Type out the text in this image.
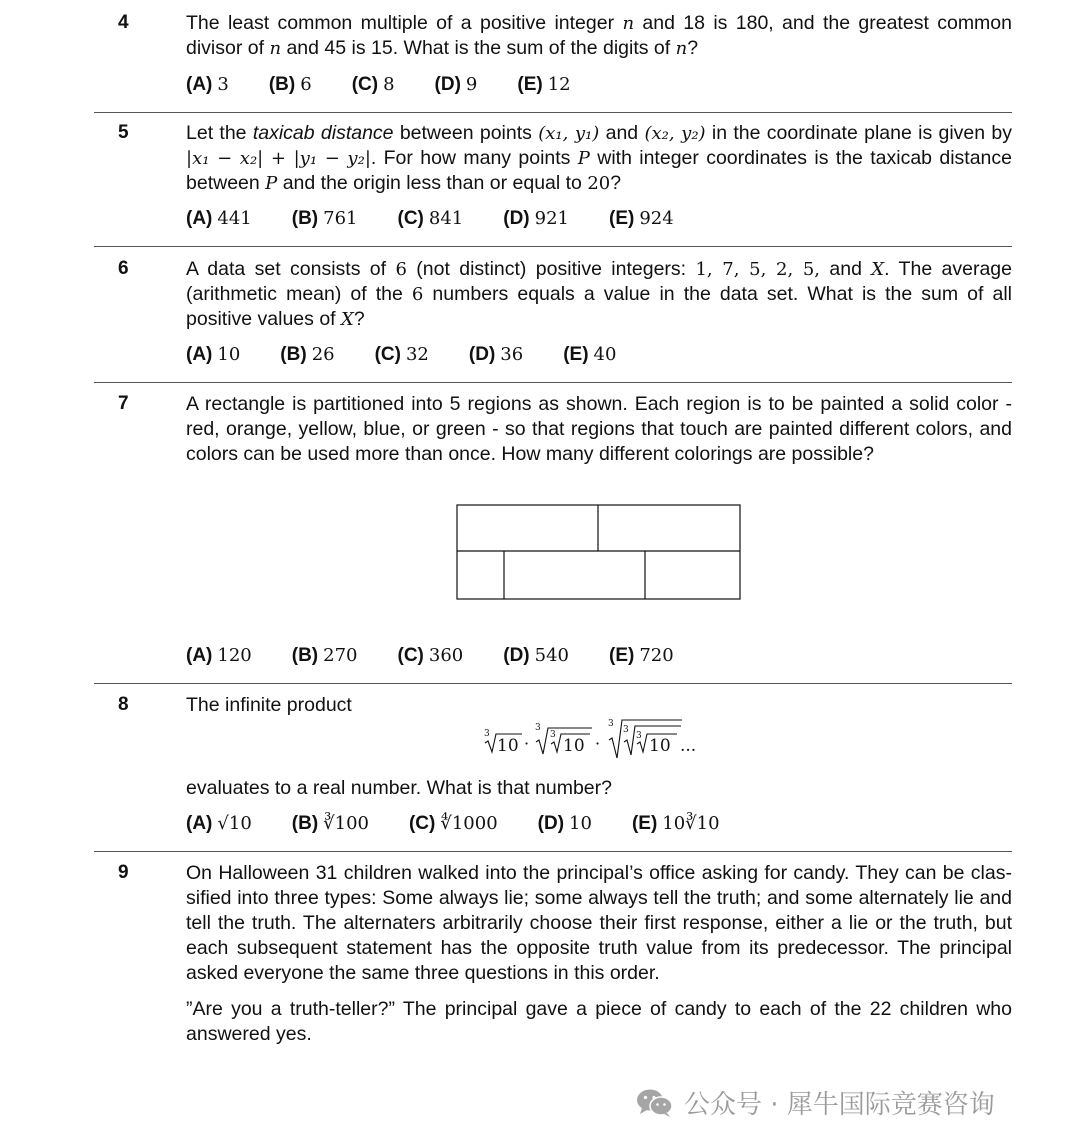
4	The least common multiple of a positive integer n and 18 is 180, and the greatest common divisor of n and 45 is 15. What is the sum of the digits of n?

(A) 3 (B) 6 (C) 8 (D) 9 (E) 12
5	Let the taxicab distance between points (x₁, y₁) and (x₂, y₂) in the coordinate plane is given by |x₁ − x₂| + |y₁ − y₂|. For how many points P with integer coordinates is the taxicab distance between P and the origin less than or equal to 20?

(A) 441 (B) 761 (C) 841 (D) 921 (E) 924
6	A data set consists of 6 (not distinct) positive integers: 1, 7, 5, 2, 5, and X. The average (arithmetic mean) of the 6 numbers equals a value in the data set. What is the sum of all positive values of X?

(A) 10 (B) 26 (C) 32 (D) 36 (E) 40
7	A rectangle is partitioned into 5 regions as shown. Each region is to be painted a solid color - red, orange, yellow, blue, or green - so that regions that touch are painted different colors, and colors can be used more than once. How many different colorings are possible?

(A) 120 (B) 270 (C) 360 (D) 540 (E) 720
8	The infinite product

3
10 ·
3
3
10 ·
3
3
3 10 ...

evaluates to a real number. What is that number?

(A) √10 (B) ∛100 (C) ∜1000 (D) 10 (E) 10∛10
9	On Halloween 31 children walked into the principal’s office asking for candy. They can be classified into three types: Some always lie; some always tell the truth; and some alternately lie and tell the truth. The alternaters arbitrarily choose their first response, either a lie or the truth, but each subsequent statement has the opposite truth value from its predecessor. The principal asked everyone the same three questions in this order.

”Are you a truth-teller?” The principal gave a piece of candy to each of the 22 children who answered yes.

公众号 · 犀牛国际竞赛咨询
